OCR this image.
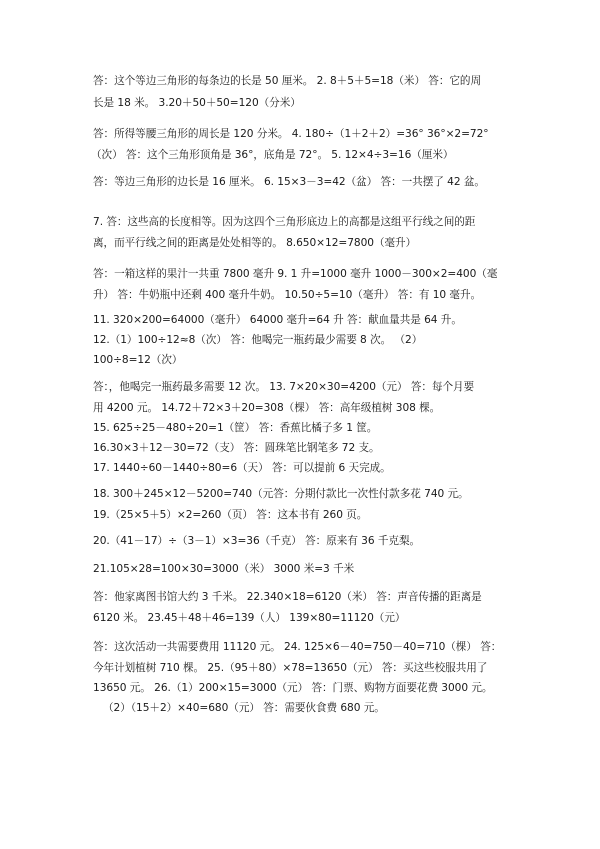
答：这个等边三角形的每条边的长是 50 厘米。 2. 8＋5＋5=18（米） 答：它的周
长是 18 米。 3.20＋50＋50=120（分米）
答：所得等腰三角形的周长是 120 分米。 4. 180÷（1＋2＋2）=36° 36°×2=72°
（次） 答：这个三角形顶角是 36°，底角是 72°。 5. 12×4÷3=16（厘米）
答：等边三角形的边长是 16 厘米。 6. 15×3－3=42（盆） 答：一共摆了 42 盆。
7. 答：这些高的长度相等。因为这四个三角形底边上的高都是这组平行线之间的距
离，而平行线之间的距离是处处相等的。 8.650×12=7800（毫升）
答：一箱这样的果汁一共重 7800 毫升 9. 1 升=1000 毫升 1000－300×2=400（毫
升） 答：牛奶瓶中还剩 400 毫升牛奶。 10.50÷5=10（毫升） 答：有 10 毫升。
11. 320×200=64000（毫升） 64000 毫升=64 升 答：献血量共是 64 升。
12.（1）100÷12≈8（次） 答：他喝完一瓶药最少需要 8 次。 （2）
100÷8=12（次）
答：，他喝完一瓶药最多需要 12 次。 13. 7×20×30=4200（元） 答：每个月要
用 4200 元。 14.72＋72×3＋20=308（棵） 答：高年级植树 308 棵。
15. 625÷25－480÷20=1（筐） 答：香蕉比橘子多 1 筐。
16.30×3＋12－30=72（支） 答：圆珠笔比钢笔多 72 支。
17. 1440÷60－1440÷80=6（天） 答：可以提前 6 天完成。
18. 300＋245×12－5200=740（元答：分期付款比一次性付款多花 740 元。
19.（25×5＋5）×2=260（页） 答：这本书有 260 页。
20.（41－17）÷（3－1）×3=36（千克） 答：原来有 36 千克梨。
21.105×28=100×30=3000（米） 3000 米=3 千米
答：他家离图书馆大约 3 千米。 22.340×18=6120（米） 答：声音传播的距离是
6120 米。 23.45＋48＋46=139（人） 139×80=11120（元）
答：这次活动一共需要费用 11120 元。 24. 125×6－40=750－40=710（棵） 答：
今年计划植树 710 棵。 25.（95＋80）×78=13650（元） 答：买这些校服共用了
13650 元。 26.（1）200×15=3000（元） 答：门票、购物方面要花费 3000 元。
（2）（15＋2）×40=680（元） 答：需要伙食费 680 元。
